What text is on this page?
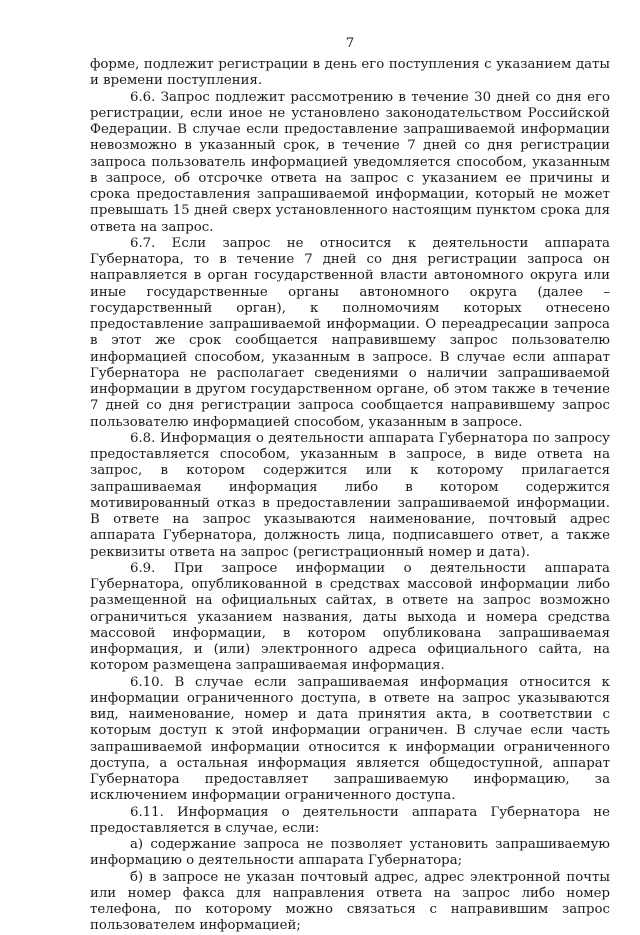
7

форме, подлежит регистрации в день его поступления с указанием даты и времени поступления.

6.6. Запрос подлежит рассмотрению в течение 30 дней со дня его регистрации, если иное не установлено законодательством Российской Федерации. В случае если предоставление запрашиваемой информации невозможно в указанный срок, в течение 7 дней со дня регистрации запроса пользователь информацией уведомляется способом, указанным в запросе, об отсрочке ответа на запрос с указанием ее причины и срока предоставления запрашиваемой информации, который не может превышать 15 дней сверх установленного настоящим пунктом срока для ответа на запрос.

6.7. Если запрос не относится к деятельности аппарата Губернатора, то в течение 7 дней со дня регистрации запроса он направляется в орган государственной власти автономного округа или иные государственные органы автономного округа (далее – государственный орган), к полномочиям которых отнесено предоставление запрашиваемой информации. О переадресации запроса в этот же срок сообщается направившему запрос пользователю информацией способом, указанным в запросе. В случае если аппарат Губернатора не располагает сведениями о наличии запрашиваемой информации в другом государственном органе, об этом также в течение 7 дней со дня регистрации запроса сообщается направившему запрос пользователю информацией способом, указанным в запросе.

6.8. Информация о деятельности аппарата Губернатора по запросу предоставляется способом, указанным в запросе, в виде ответа на запрос, в котором содержится или к которому прилагается запрашиваемая информация либо в котором содержится мотивированный отказ в предоставлении запрашиваемой информации. В ответе на запрос указываются наименование, почтовый адрес аппарата Губернатора, должность лица, подписавшего ответ, а также реквизиты ответа на запрос (регистрационный номер и дата).

6.9. При запросе информации о деятельности аппарата Губернатора, опубликованной в средствах массовой информации либо размещенной на официальных сайтах, в ответе на запрос возможно ограничиться указанием названия, даты выхода и номера средства массовой информации, в котором опубликована запрашиваемая информация, и (или) электронного адреса официального сайта, на котором размещена запрашиваемая информация.

6.10. В случае если запрашиваемая информация относится к информации ограниченного доступа, в ответе на запрос указываются вид, наименование, номер и дата принятия акта, в соответствии с которым доступ к этой информации ограничен. В случае если часть запрашиваемой информации относится к информации ограниченного доступа, а остальная информация является общедоступной, аппарат Губернатора предоставляет запрашиваемую информацию, за исключением информации ограниченного доступа.

6.11. Информация о деятельности аппарата Губернатора не предоставляется в случае, если:

а) содержание запроса не позволяет установить запрашиваемую информацию о деятельности аппарата Губернатора;

б) в запросе не указан почтовый адрес, адрес электронной почты или номер факса для направления ответа на запрос либо номер телефона, по которому можно связаться с направившим запрос пользователем информацией;
